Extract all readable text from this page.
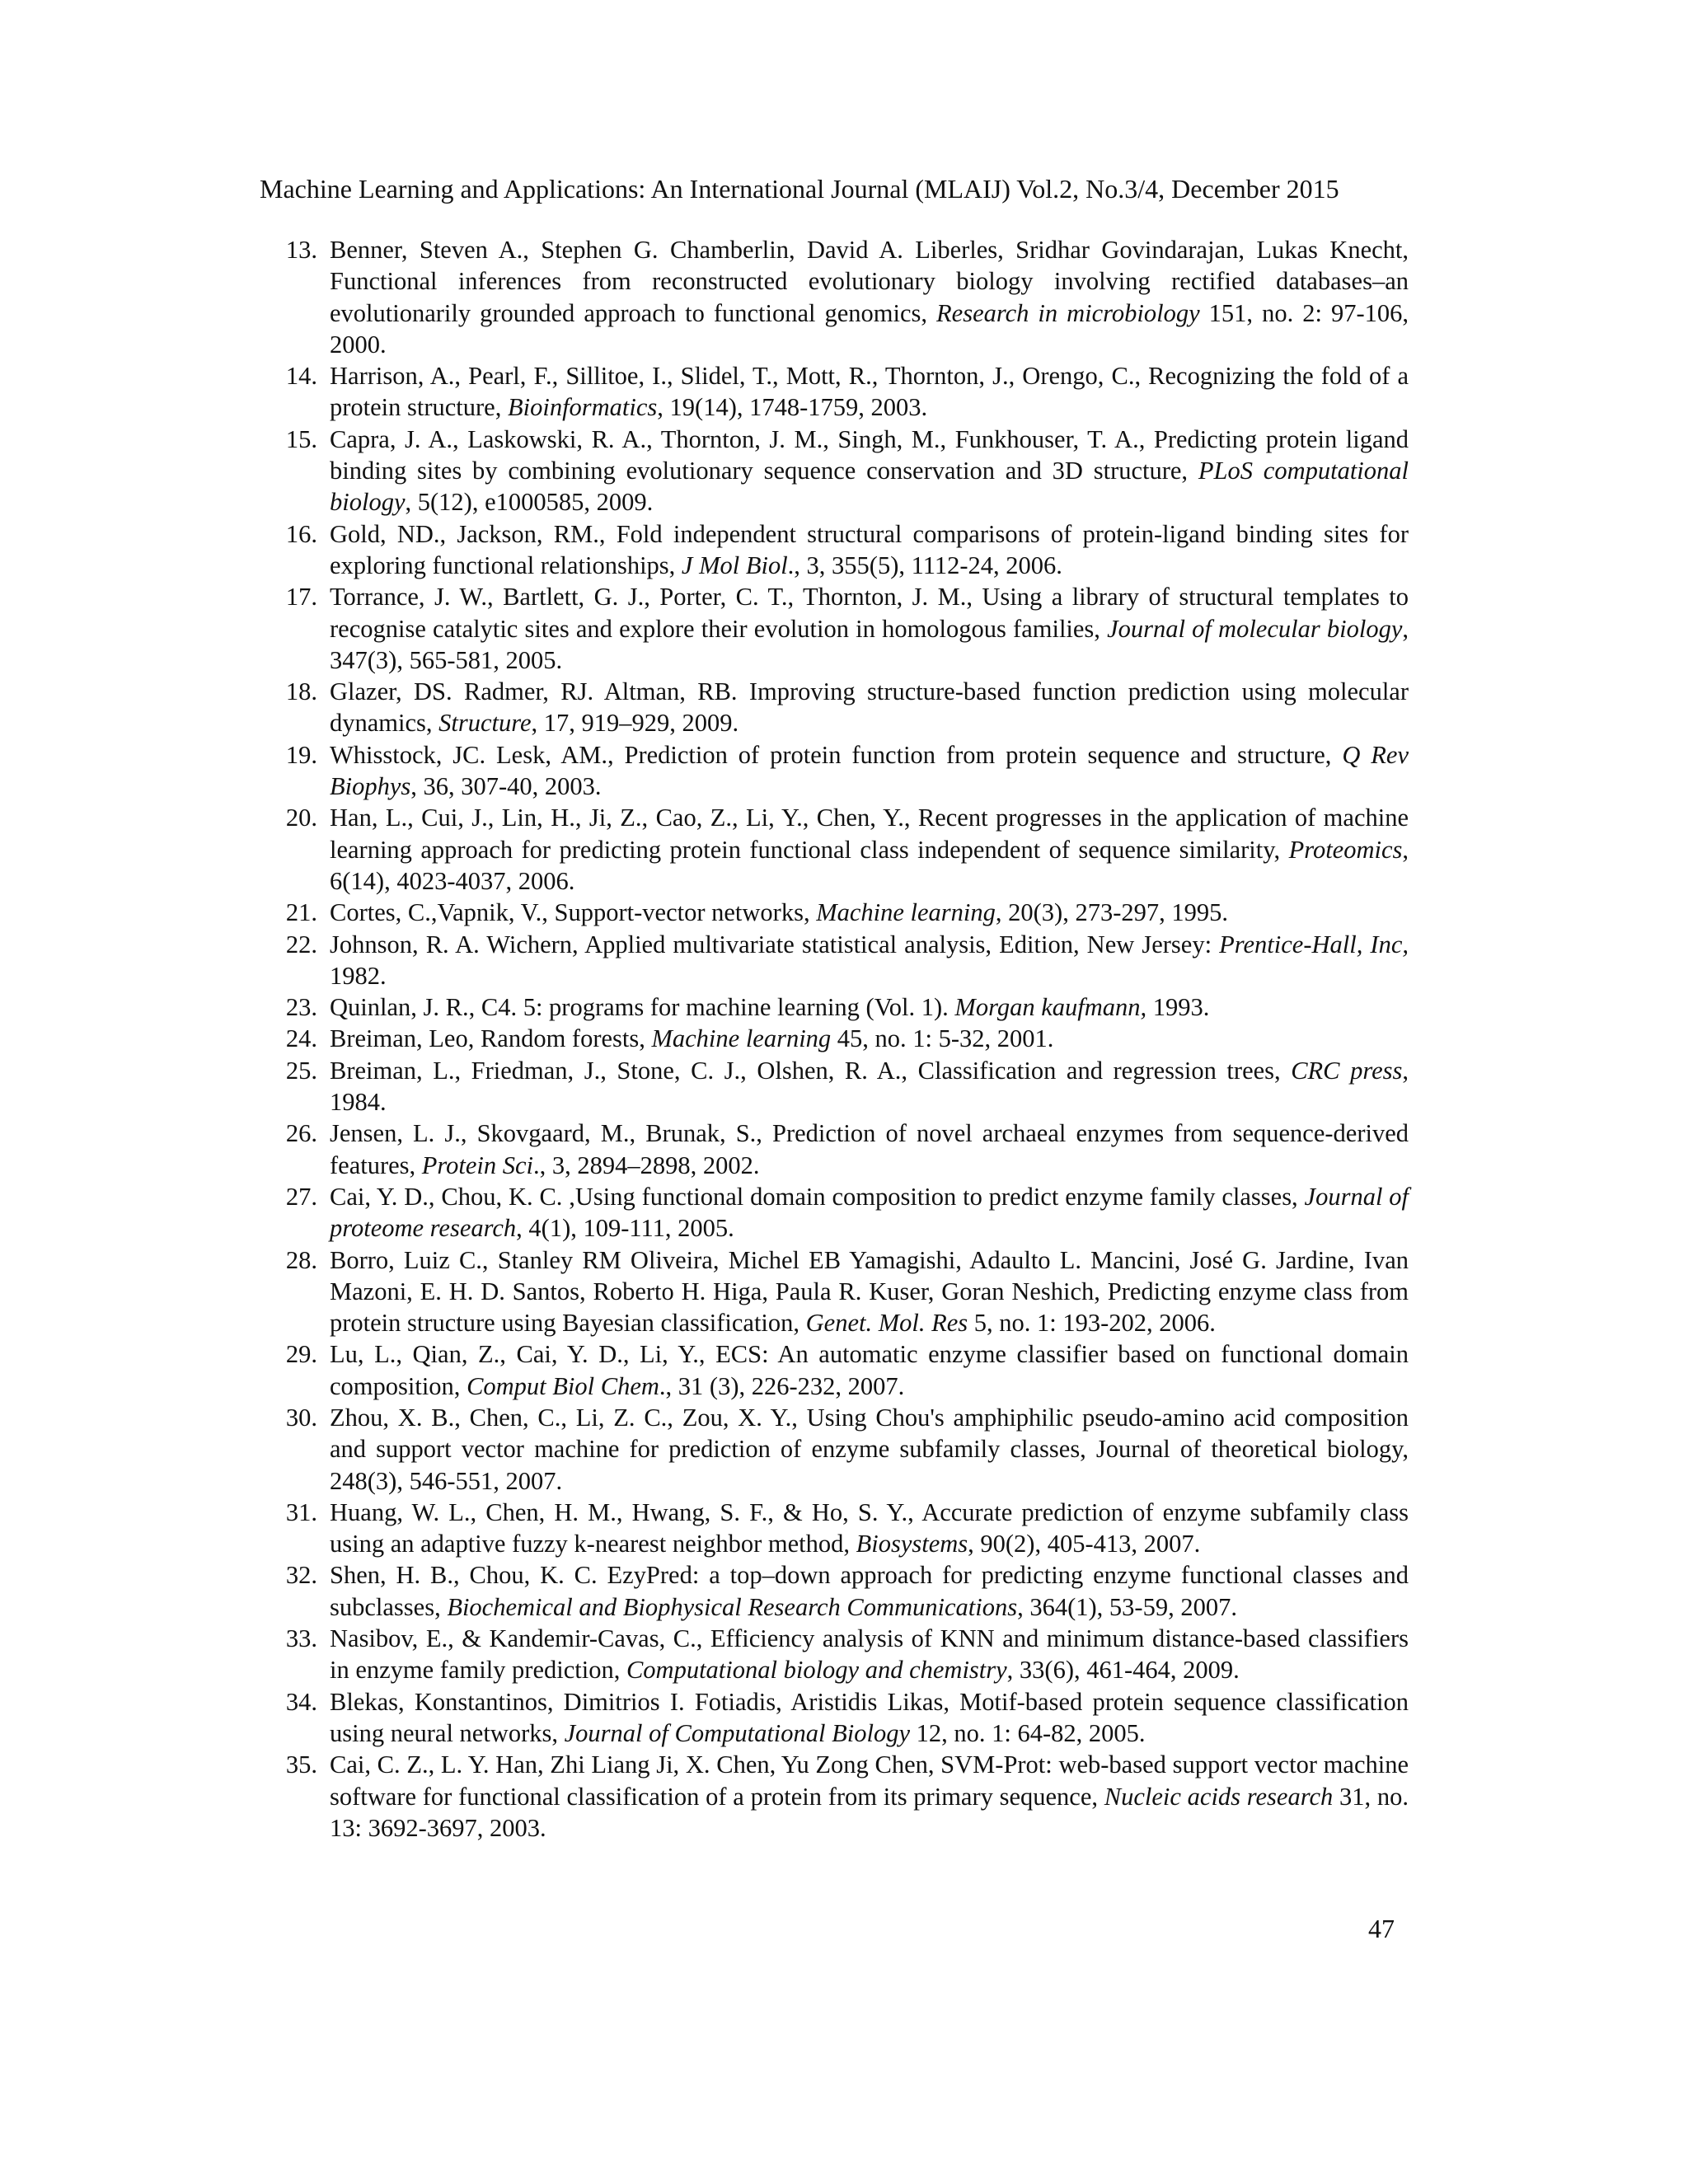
Machine Learning and Applications: An International Journal (MLAIJ) Vol.2, No.3/4, December 2015
13. Benner, Steven A., Stephen G. Chamberlin, David A. Liberles, Sridhar Govindarajan, Lukas Knecht, Functional inferences from reconstructed evolutionary biology involving rectified databases–an evolutionarily grounded approach to functional genomics, Research in microbiology 151, no. 2: 97-106, 2000.
14. Harrison, A., Pearl, F., Sillitoe, I., Slidel, T., Mott, R., Thornton, J., Orengo, C., Recognizing the fold of a protein structure, Bioinformatics, 19(14), 1748-1759, 2003.
15. Capra, J. A., Laskowski, R. A., Thornton, J. M., Singh, M., Funkhouser, T. A., Predicting protein ligand binding sites by combining evolutionary sequence conservation and 3D structure, PLoS computational biology, 5(12), e1000585, 2009.
16. Gold, ND., Jackson, RM., Fold independent structural comparisons of protein-ligand binding sites for exploring functional relationships, J Mol Biol., 3, 355(5), 1112-24, 2006.
17. Torrance, J. W., Bartlett, G. J., Porter, C. T., Thornton, J. M., Using a library of structural templates to recognise catalytic sites and explore their evolution in homologous families, Journal of molecular biology, 347(3), 565-581, 2005.
18. Glazer, DS. Radmer, RJ. Altman, RB. Improving structure-based function prediction using molecular dynamics, Structure, 17, 919–929, 2009.
19. Whisstock, JC. Lesk, AM., Prediction of protein function from protein sequence and structure, Q Rev Biophys, 36, 307-40, 2003.
20. Han, L., Cui, J., Lin, H., Ji, Z., Cao, Z., Li, Y., Chen, Y., Recent progresses in the application of machine learning approach for predicting protein functional class independent of sequence similarity, Proteomics, 6(14), 4023-4037, 2006.
21. Cortes, C.,Vapnik, V., Support-vector networks, Machine learning, 20(3), 273-297, 1995.
22. Johnson, R. A. Wichern, Applied multivariate statistical analysis, Edition, New Jersey: Prentice-Hall, Inc, 1982.
23. Quinlan, J. R., C4. 5: programs for machine learning (Vol. 1). Morgan kaufmann, 1993.
24. Breiman, Leo, Random forests, Machine learning 45, no. 1: 5-32, 2001.
25. Breiman, L., Friedman, J., Stone, C. J., Olshen, R. A., Classification and regression trees, CRC press, 1984.
26. Jensen, L. J., Skovgaard, M., Brunak, S., Prediction of novel archaeal enzymes from sequence-derived features, Protein Sci., 3, 2894–2898, 2002.
27. Cai, Y. D., Chou, K. C. ,Using functional domain composition to predict enzyme family classes, Journal of proteome research, 4(1), 109-111, 2005.
28. Borro, Luiz C., Stanley RM Oliveira, Michel EB Yamagishi, Adaulto L. Mancini, José G. Jardine, Ivan Mazoni, E. H. D. Santos, Roberto H. Higa, Paula R. Kuser, Goran Neshich, Predicting enzyme class from protein structure using Bayesian classification, Genet. Mol. Res 5, no. 1: 193-202, 2006.
29. Lu, L., Qian, Z., Cai, Y. D., Li, Y., ECS: An automatic enzyme classifier based on functional domain composition, Comput Biol Chem., 31 (3), 226-232, 2007.
30. Zhou, X. B., Chen, C., Li, Z. C., Zou, X. Y., Using Chou's amphiphilic pseudo-amino acid composition and support vector machine for prediction of enzyme subfamily classes, Journal of theoretical biology, 248(3), 546-551, 2007.
31. Huang, W. L., Chen, H. M., Hwang, S. F., & Ho, S. Y., Accurate prediction of enzyme subfamily class using an adaptive fuzzy k-nearest neighbor method, Biosystems, 90(2), 405-413, 2007.
32. Shen, H. B., Chou, K. C. EzyPred: a top–down approach for predicting enzyme functional classes and subclasses, Biochemical and Biophysical Research Communications, 364(1), 53-59, 2007.
33. Nasibov, E., & Kandemir-Cavas, C., Efficiency analysis of KNN and minimum distance-based classifiers in enzyme family prediction, Computational biology and chemistry, 33(6), 461-464, 2009.
34. Blekas, Konstantinos, Dimitrios I. Fotiadis, Aristidis Likas, Motif-based protein sequence classification using neural networks, Journal of Computational Biology 12, no. 1: 64-82, 2005.
35. Cai, C. Z., L. Y. Han, Zhi Liang Ji, X. Chen, Yu Zong Chen, SVM-Prot: web-based support vector machine software for functional classification of a protein from its primary sequence, Nucleic acids research 31, no. 13: 3692-3697, 2003.
47
